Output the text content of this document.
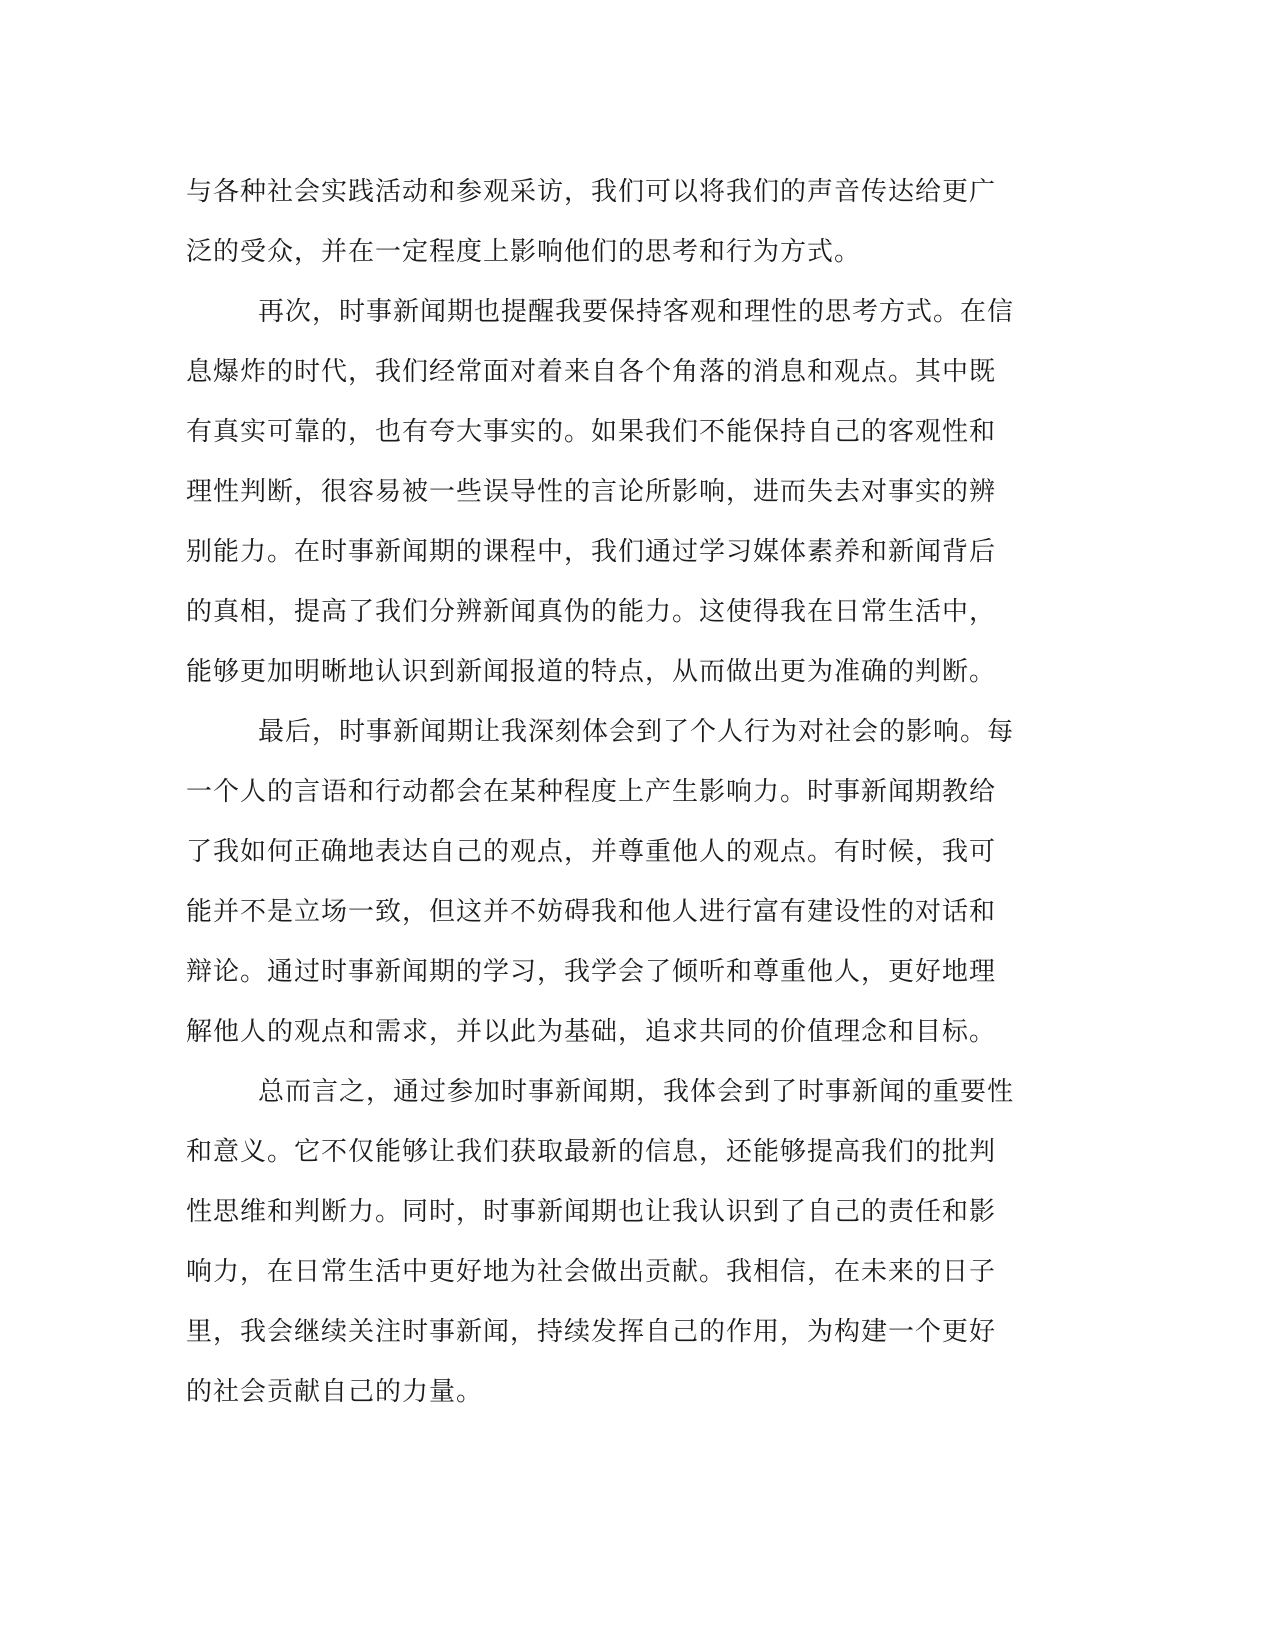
与各种社会实践活动和参观采访，我们可以将我们的声音传达给更广
泛的受众，并在一定程度上影响他们的思考和行为方式。
再次，时事新闻期也提醒我要保持客观和理性的思考方式。在信
息爆炸的时代，我们经常面对着来自各个角落的消息和观点。其中既
有真实可靠的，也有夸大事实的。如果我们不能保持自己的客观性和
理性判断，很容易被一些误导性的言论所影响，进而失去对事实的辨
别能力。在时事新闻期的课程中，我们通过学习媒体素养和新闻背后
的真相，提高了我们分辨新闻真伪的能力。这使得我在日常生活中，
能够更加明晰地认识到新闻报道的特点，从而做出更为准确的判断。
最后，时事新闻期让我深刻体会到了个人行为对社会的影响。每
一个人的言语和行动都会在某种程度上产生影响力。时事新闻期教给
了我如何正确地表达自己的观点，并尊重他人的观点。有时候，我可
能并不是立场一致，但这并不妨碍我和他人进行富有建设性的对话和
辩论。通过时事新闻期的学习，我学会了倾听和尊重他人，更好地理
解他人的观点和需求，并以此为基础，追求共同的价值理念和目标。
总而言之，通过参加时事新闻期，我体会到了时事新闻的重要性
和意义。它不仅能够让我们获取最新的信息，还能够提高我们的批判
性思维和判断力。同时，时事新闻期也让我认识到了自己的责任和影
响力，在日常生活中更好地为社会做出贡献。我相信，在未来的日子
里，我会继续关注时事新闻，持续发挥自己的作用，为构建一个更好
的社会贡献自己的力量。
